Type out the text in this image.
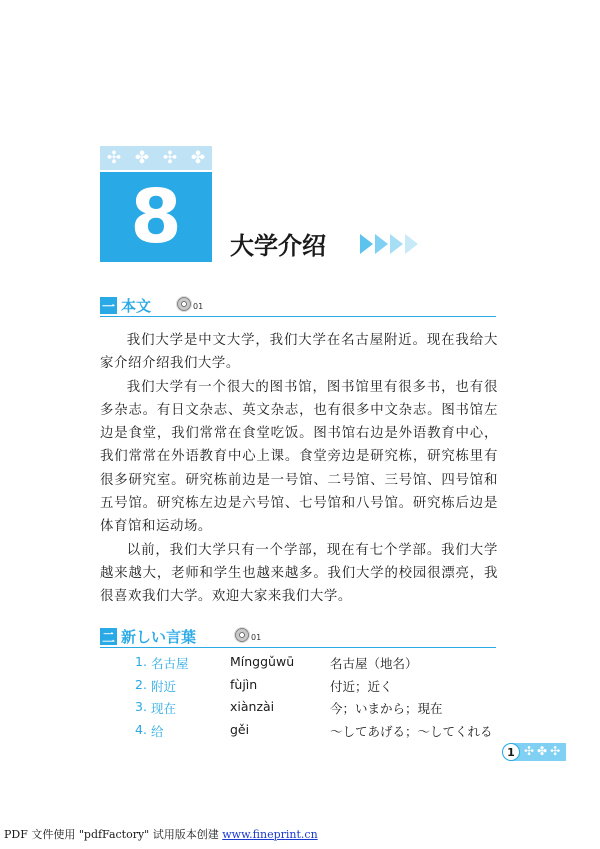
✣ ✤ ✣ ✤
8 大学介绍
一 本文	01

我们大学是中文大学，我们大学在名古屋附近。现在我给大家介绍介绍我们大学。

我们大学有一个很大的图书馆，图书馆里有很多书，也有很多杂志。有日文杂志、英文杂志，也有很多中文杂志。图书馆左边是食堂，我们常常在食堂吃饭。图书馆右边是外语教育中心，我们常常在外语教育中心上课。食堂旁边是研究栋，研究栋里有很多研究室。研究栋前边是一号馆、二号馆、三号馆、四号馆和五号馆。研究栋左边是六号馆、七号馆和八号馆。研究栋后边是体育馆和运动场。

以前，我们大学只有一个学部，现在有七个学部。我们大学越来越大，老师和学生也越来越多。我们大学的校园很漂亮，我很喜欢我们大学。欢迎大家来我们大学。

二 新しい言葉	01
1. 名古屋	Mínggǔwū	名古屋（地名）
2. 附近	fùjìn	付近；近く
3. 现在	xiànzài	今；いまから；現在
4. 给	gěi	～してあげる；～してくれる
1 ✣✤✣
PDF 文件使用 "pdfFactory" 试用版本创建 www.fineprint.cn
